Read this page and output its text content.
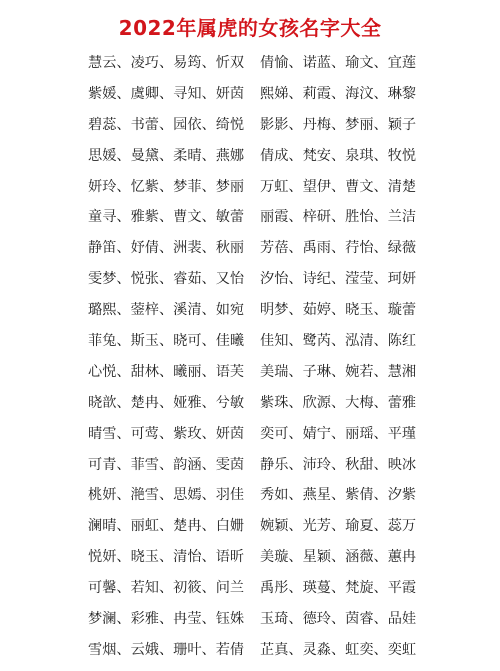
2022年属虎的女孩名字大全
慧云、凌巧、易筠、忻双 倩愉、诺蓝、瑜文、宜莲
紫媛、虞卿、寻知、妍茵 熙娣、莉霞、海汶、琳黎
碧蕊、书蕾、园依、绮悦 影影、丹梅、梦丽、颖子
思媛、曼黛、柔晴、燕娜 倩成、梵安、泉琪、牧悦
妍玲、忆紫、梦菲、梦丽 万虹、望伊、曹文、清楚
童寻、雅紫、曹文、敏蕾 丽霞、梓研、胜怡、兰洁
静笛、妤倩、洲裴、秋丽 芳蓓、禹雨、荇怡、绿薇
雯梦、悦张、睿茹、又怡 汐怡、诗纪、滢莹、珂妍
璐熙、蓥梓、溪清、如宛 明梦、茹婷、晓玉、璇蕾
菲兔、斯玉、晓可、佳曦 佳知、鹭芮、泓清、陈红
心悦、甜林、曦丽、语芙 美瑞、子琳、婉若、慧湘
晓歆、楚冉、娅雅、兮敏 紫珠、欣源、大梅、蕾雅
晴雪、可莺、紫玫、妍茵 奕可、婧宁、丽瑶、平瑾
可青、菲雪、韵涵、雯茵 静乐、沛玲、秋甜、映冰
桃妍、滟雪、思嫣、羽佳 秀如、燕星、紫倩、汐紫
澜晴、丽虹、楚冉、白姗 婉颖、光芳、瑜夏、蕊万
悦妍、晓玉、清怡、语昕 美璇、星颖、涵薇、蕙冉
可馨、若知、初筱、问兰 禹彤、瑛蔓、梵旋、平霞
梦澜、彩雅、冉莹、钰姝 玉琦、德玲、茵睿、品娃
雪烟、云娥、珊叶、若倩 芷真、灵淼、虹奕、奕虹
